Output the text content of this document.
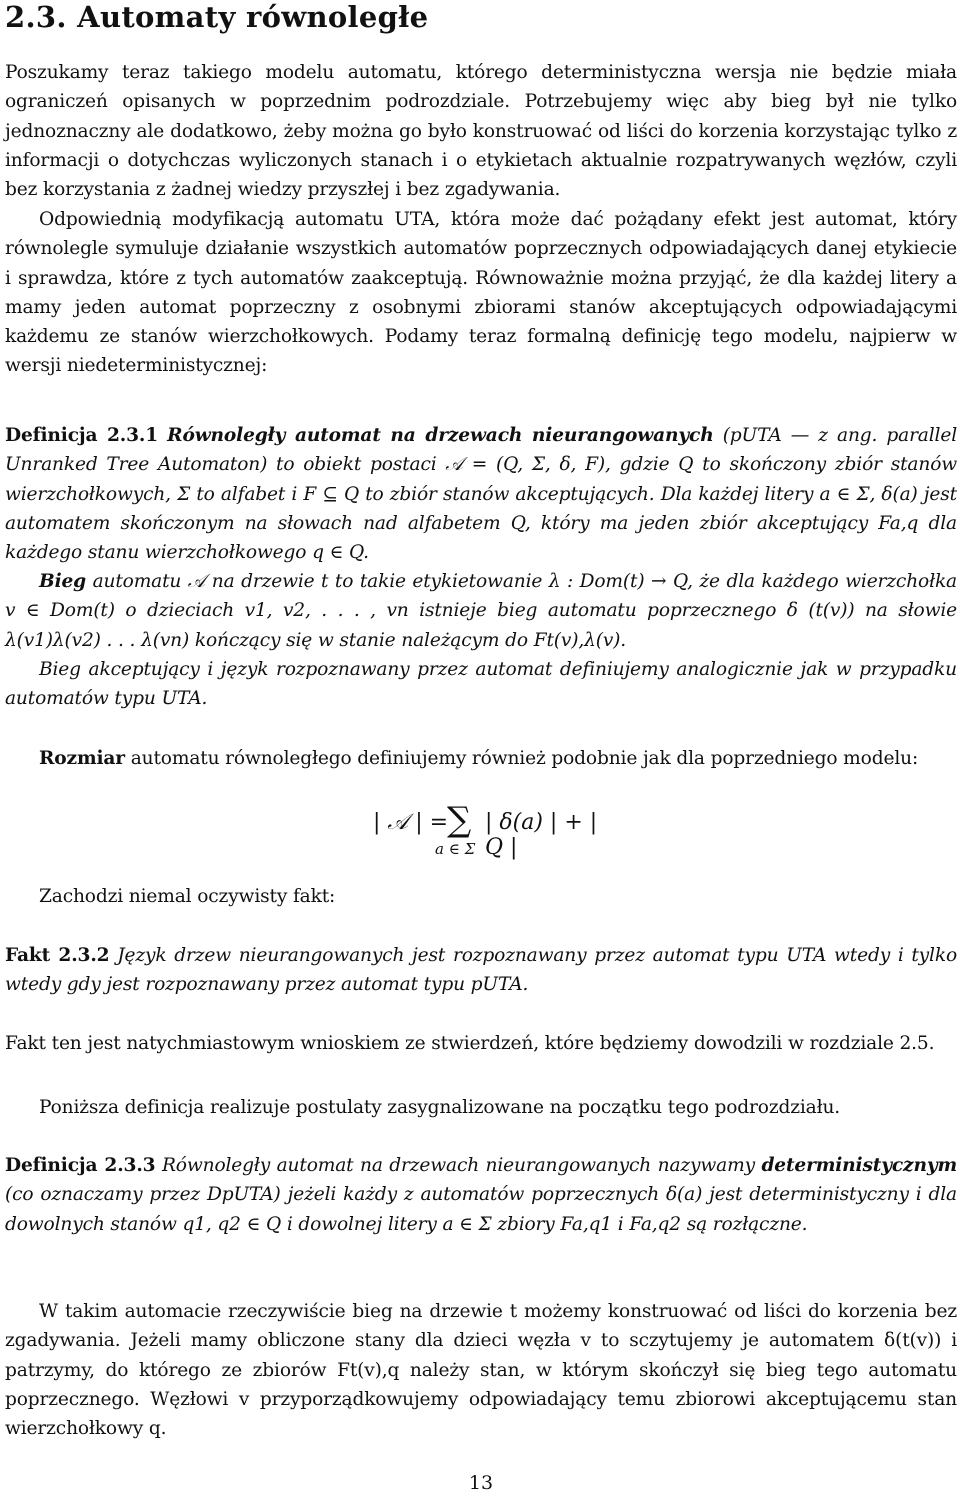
2.3. Automaty równoległe

Poszukamy teraz takiego modelu automatu, którego deterministyczna wersja nie będzie miała ograniczeń opisanych w poprzednim podrozdziale. Potrzebujemy więc aby bieg był nie tylko jednoznaczny ale dodatkowo, żeby można go było konstruować od liści do korzenia korzystając tylko z informacji o dotychczas wyliczonych stanach i o etykietach aktualnie rozpatrywanych węzłów, czyli bez korzystania z żadnej wiedzy przyszłej i bez zgadywania.

Odpowiednią modyfikacją automatu UTA, która może dać pożądany efekt jest automat, który równolegle symuluje działanie wszystkich automatów poprzecznych odpowiadających danej etykiecie i sprawdza, które z tych automatów zaakceptują. Równoważnie można przyjąć, że dla każdej litery a mamy jeden automat poprzeczny z osobnymi zbiorami stanów akceptujących odpowiadającymi każdemu ze stanów wierzchołkowych. Podamy teraz formalną definicję tego modelu, najpierw w wersji niedeterministycznej:

Definicja 2.3.1 Równoległy automat na drzewach nieurangowanych (pUTA — z ang. parallel Unranked Tree Automaton) to obiekt postaci 𝒜 = (Q, Σ, δ, F), gdzie Q to skończony zbiór stanów wierzchołkowych, Σ to alfabet i F ⊆ Q to zbiór stanów akceptujących. Dla każdej litery a ∈ Σ, δ(a) jest automatem skończonym na słowach nad alfabetem Q, który ma jeden zbiór akceptujący Fa,q dla każdego stanu wierzchołkowego q ∈ Q.
Bieg automatu 𝒜 na drzewie t to takie etykietowanie λ : Dom(t) → Q, że dla każdego wierzchołka v ∈ Dom(t) o dzieciach v1, v2, . . . , vn istnieje bieg automatu poprzecznego δ (t(v)) na słowie λ(v1)λ(v2) . . . λ(vn) kończący się w stanie należącym do Ft(v),λ(v).

Bieg akceptujący i język rozpoznawany przez automat definiujemy analogicznie jak w przypadku automatów typu UTA.

Rozmiar automatu równoległego definiujemy również podobnie jak dla poprzedniego modelu:
| 𝒜 | =
∑
a ∈ Σ
| δ(a) | + | Q |

Zachodzi niemal oczywisty fakt:

Fakt 2.3.2 Język drzew nieurangowanych jest rozpoznawany przez automat typu UTA wtedy i tylko wtedy gdy jest rozpoznawany przez automat typu pUTA.

Fakt ten jest natychmiastowym wnioskiem ze stwierdzeń, które będziemy dowodzili w rozdziale 2.5.

Poniższa definicja realizuje postulaty zasygnalizowane na początku tego podrozdziału.

Definicja 2.3.3 Równoległy automat na drzewach nieurangowanych nazywamy deterministycznym (co oznaczamy przez DpUTA) jeżeli każdy z automatów poprzecznych δ(a) jest deterministyczny i dla dowolnych stanów q1, q2 ∈ Q i dowolnej litery a ∈ Σ zbiory Fa,q1 i Fa,q2 są rozłączne.

W takim automacie rzeczywiście bieg na drzewie t możemy konstruować od liści do korzenia bez zgadywania. Jeżeli mamy obliczone stany dla dzieci węzła v to sczytujemy je automatem δ(t(v)) i patrzymy, do którego ze zbiorów Ft(v),q należy stan, w którym skończył się bieg tego automatu poprzecznego. Węzłowi v przyporządkowujemy odpowiadający temu zbiorowi akceptującemu stan wierzchołkowy q.

13
